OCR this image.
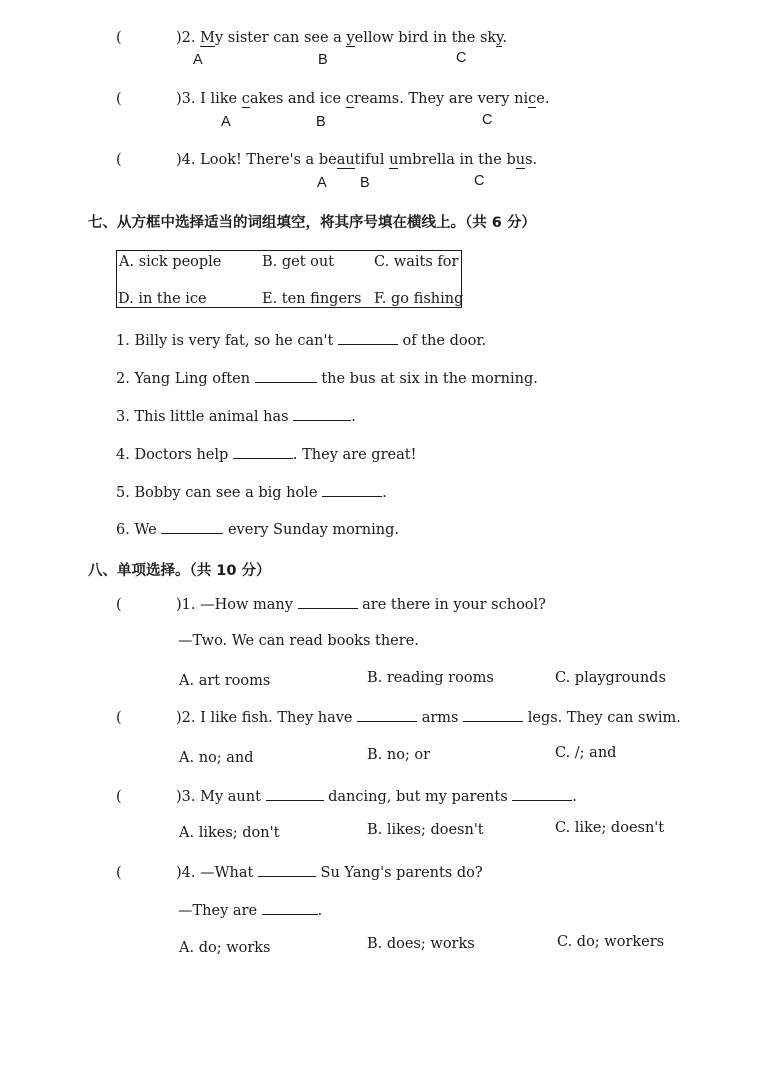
(	)2. My sister can see a yellow bird in the sky.
A	B	C
(	)3. I like cakes and ice creams. They are very nice.
A	B	C
(	)4. Look! There's a beautiful umbrella in the bus.
A B	C
七、从方框中选择适当的词组填空，将其序号填在横线上。（共 6 分）
A. sick people	B. get out	C. waits for
D. in the ice	E. ten fingers F. go fishing
1. Billy is very fat, so he can't	of the door.
2. Yang Ling often	the bus at six in the morning.
3. This little animal has	.
4. Doctors help	. They are great!
5. Bobby can see a big hole	.
6. We	every Sunday morning.
八、单项选择。（共 10 分）
(	)1. —How many	are there in your school?
—Two. We can read books there.
A. art rooms	B. reading rooms	C. playgrounds
(	)2. I like fish. They have	arms	legs. They can swim.
A. no; and	B. no; or	C. /; and
(	)3. My aunt	dancing, but my parents	.
A. likes; don't	B. likes; doesn't	C. like; doesn't
(	)4. —What	Su Yang's parents do?
—They are	.
A. do; works	B. does; works	C. do; workers
